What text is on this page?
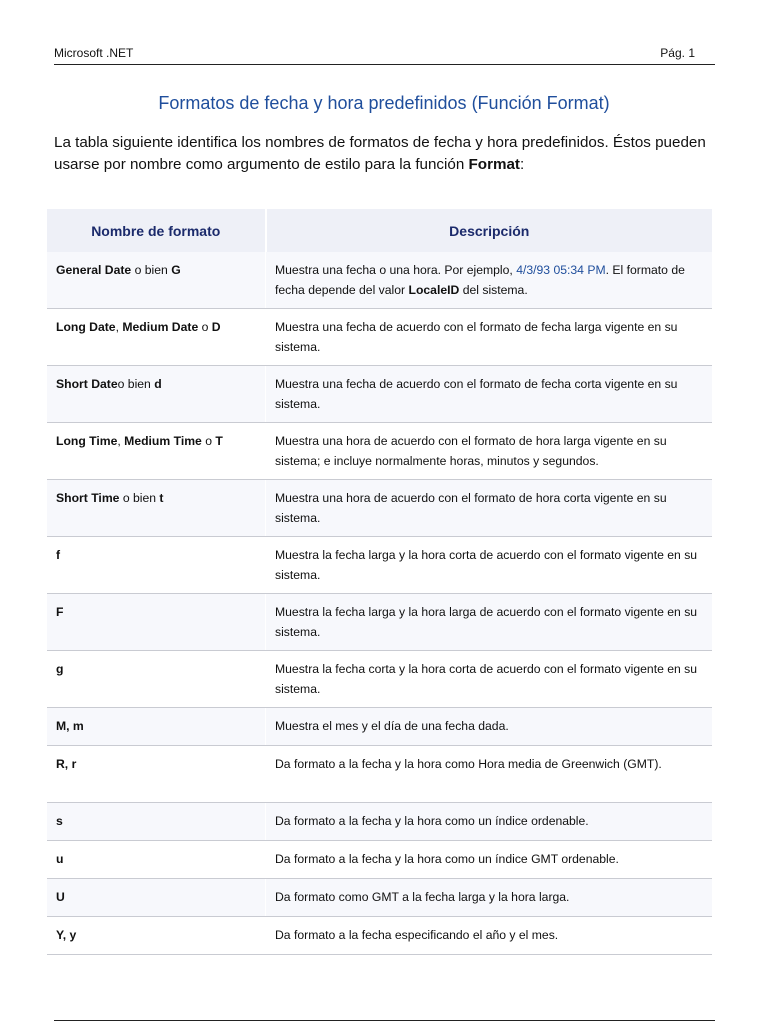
Microsoft .NET	Pág. 1
Formatos de fecha y hora predefinidos (Función Format)
La tabla siguiente identifica los nombres de formatos de fecha y hora predefinidos. Éstos pueden usarse por nombre como argumento de estilo para la función Format:
Nombre de formato	Descripción
General Date o bien G	Muestra una fecha o una hora. Por ejemplo, 4/3/93 05:34 PM. El formato de fecha depende del valor LocaleID del sistema.
Long Date, Medium Date o D	Muestra una fecha de acuerdo con el formato de fecha larga vigente en su sistema.
Short Dateo bien d	Muestra una fecha de acuerdo con el formato de fecha corta vigente en su sistema.
Long Time, Medium Time o T	Muestra una hora de acuerdo con el formato de hora larga vigente en su sistema; e incluye normalmente horas, minutos y segundos.
Short Time o bien t	Muestra una hora de acuerdo con el formato de hora corta vigente en su sistema.
f	Muestra la fecha larga y la hora corta de acuerdo con el formato vigente en su sistema.
F	Muestra la fecha larga y la hora larga de acuerdo con el formato vigente en su sistema.
g	Muestra la fecha corta y la hora corta de acuerdo con el formato vigente en su sistema.
M, m	Muestra el mes y el día de una fecha dada.
R, r	Da formato a la fecha y la hora como Hora media de Greenwich (GMT).
s	Da formato a la fecha y la hora como un índice ordenable.
u	Da formato a la fecha y la hora como un índice GMT ordenable.
U	Da formato como GMT a la fecha larga y la hora larga.
Y, y	Da formato a la fecha especificando el año y el mes.
